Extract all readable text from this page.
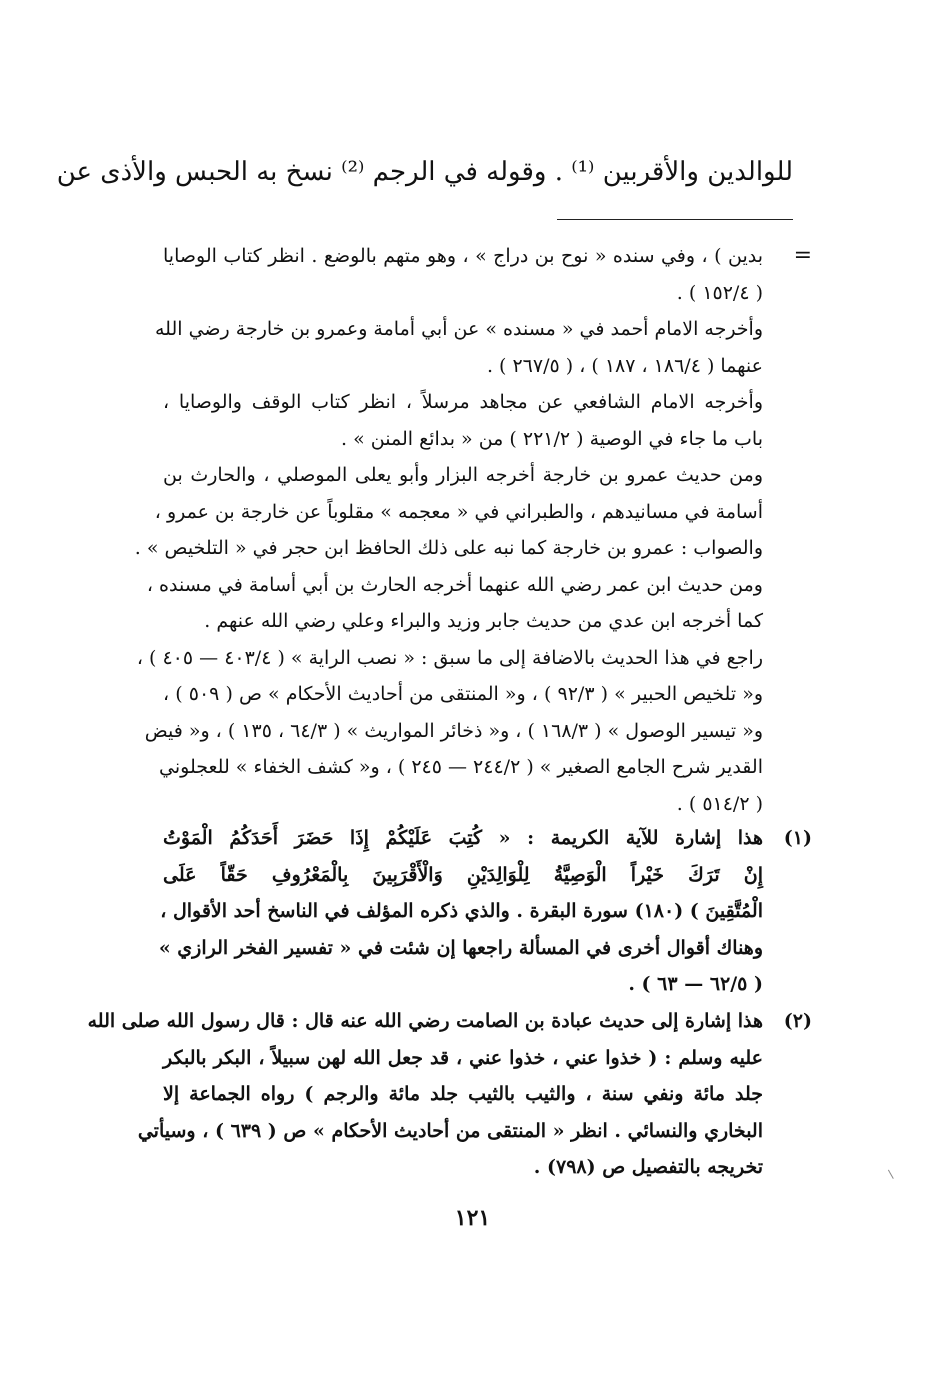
للوالدين والأقربين ⁽¹⁾ . وقوله في الرجم ⁽²⁾ نسخ به الحبس والأذى عن
=
بدين ) ، وفي سنده « نوح بن دراج » ، وهو متهم بالوضع . انظر كتاب الوصايا
( ١٥٢/٤ ) .
وأخرجه الامام أحمد في « مسنده » عن أبي أمامة وعمرو بن خارجة رضي الله
عنهما ( ١٨٦/٤ ، ١٨٧ ) ، ( ٢٦٧/٥ ) .
وأخرجه الامام الشافعي عن مجاهد مرسلاً ، انظر كتاب الوقف والوصايا ،
باب ما جاء في الوصية ( ٢٢١/٢ ) من « بدائع المنن » .
ومن حديث عمرو بن خارجة أخرجه البزار وأبو يعلى الموصلي ، والحارث بن
أسامة في مسانيدهم ، والطبراني في « معجمه » مقلوباً عن خارجة بن عمرو ،
والصواب : عمرو بن خارجة كما نبه على ذلك الحافظ ابن حجر في « التلخيص » .
ومن حديث ابن عمر رضي الله عنهما أخرجه الحارث بن أبي أسامة في مسنده ،
كما أخرجه ابن عدي من حديث جابر وزيد والبراء وعلي رضي الله عنهم .
راجع في هذا الحديث بالاضافة إلى ما سبق : « نصب الراية » ( ٤٠٣/٤ — ٤٠٥ ) ،
و« تلخيص الحبير » ( ٩٢/٣ ) ، و« المنتقى من أحاديث الأحكام » ص ( ٥٠٩ ) ،
و« تيسير الوصول » ( ١٦٨/٣ ) ، و« ذخائر المواريث » ( ٦٤/٣ ، ١٣٥ ) ، و« فيض
القدير شرح الجامع الصغير » ( ٢٤٤/٢ — ٢٤٥ ) ، و« كشف الخفاء » للعجلوني
( ٥١٤/٢ ) .
(١)
هذا إشارة للآية الكريمة : « كُتِبَ عَلَيْكُمْ إِذَا حَضَرَ أَحَدَكُمُ الْمَوْتُ
إِنْ تَرَكَ خَيْراً الْوَصِيَّةُ لِلْوَالِدَيْنِ وَالْأَقْرَبِينَ بِالْمَعْرُوفِ حَقّاً عَلَى
الْمُتَّقِينَ ) (١٨٠) سورة البقرة . والذي ذكره المؤلف في الناسخ أحد الأقوال ،
وهناك أقوال أخرى في المسألة راجعها إن شئت في « تفسير الفخر الرازي »
( ٦٢/٥ — ٦٣ ) .
(٢)
هذا إشارة إلى حديث عبادة بن الصامت رضي الله عنه قال : قال رسول الله صلى الله
عليه وسلم : ( خذوا عني ، خذوا عني ، قد جعل الله لهن سبيلاً ، البكر بالبكر
جلد مائة ونفي سنة ، والثيب بالثيب جلد مائة والرجم ) رواه الجماعة إلا
البخاري والنسائي . انظر « المنتقى من أحاديث الأحكام » ص ( ٦٣٩ ) ، وسيأتي
تخريجه بالتفصيل ص (٧٩٨) .
١٢١
